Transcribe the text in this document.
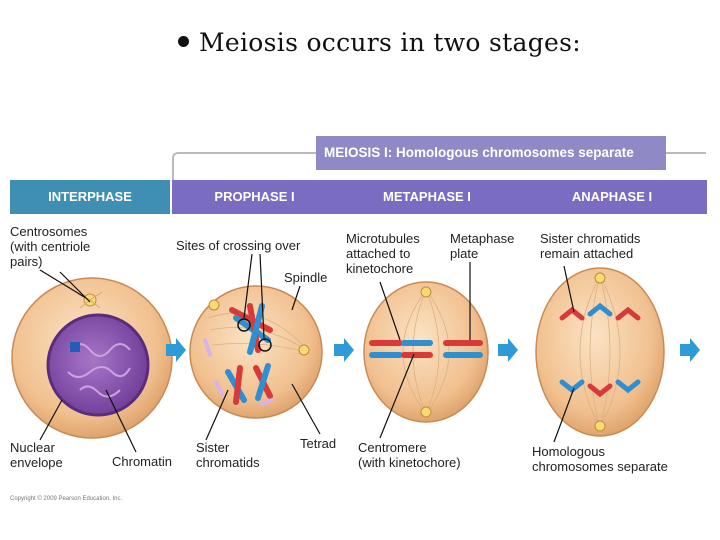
Meiosis occurs in two stages:
MEIOSIS I: Homologous chromosomes separate
INTERPHASE	PROPHASE I	METAPHASE I	ANAPHASE I
Centrosomes
(with centriole
pairs)
Sites of crossing over
Spindle
Microtubules
attached to
kinetochore
Metaphase
plate
Sister chromatids
remain attached
Nuclear
envelope	Chromatin
Sister
chromatids
Tetrad Centromere
(with kinetochore)
Homologous
chromosomes separate
Copyright © 2009 Pearson Education, Inc.
